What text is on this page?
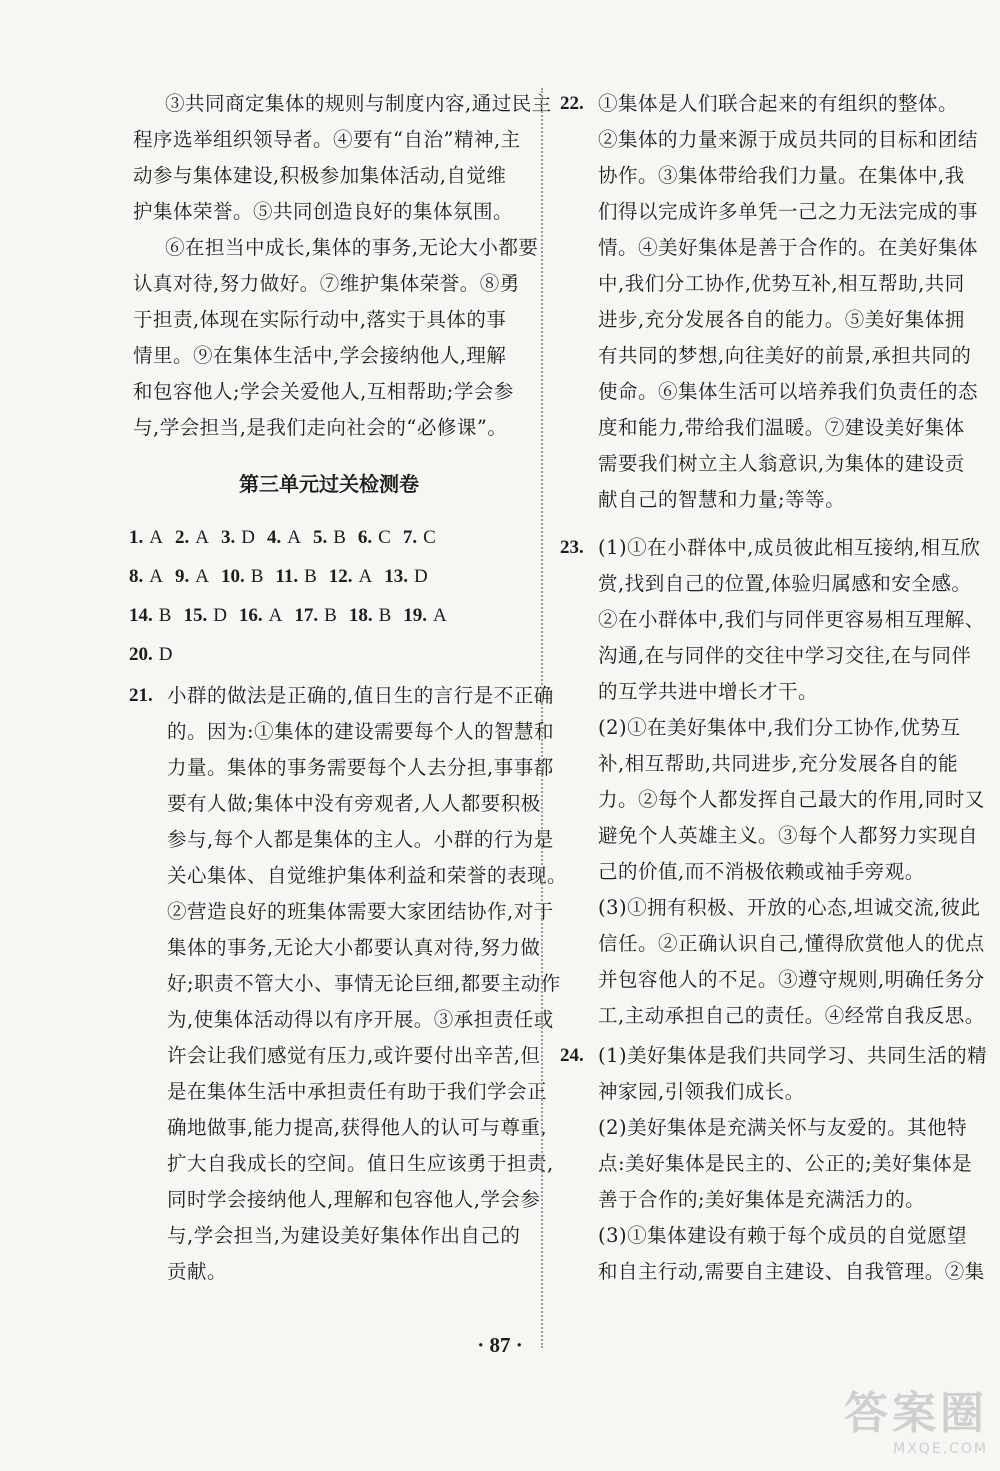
③共同商定集体的规则与制度内容,通过民主
程序选举组织领导者。④要有“自治”精神,主
动参与集体建设,积极参加集体活动,自觉维
护集体荣誉。⑤共同创造良好的集体氛围。
⑥在担当中成长,集体的事务,无论大小都要
认真对待,努力做好。⑦维护集体荣誉。⑧勇
于担责,体现在实际行动中,落实于具体的事
情里。⑨在集体生活中,学会接纳他人,理解
和包容他人;学会关爱他人,互相帮助;学会参
与,学会担当,是我们走向社会的“必修课”。
第三单元过关检测卷
1. A 2. A 3. D 4. A 5. B 6. C 7. C
8. A 9. A 10. B 11. B 12. A 13. D
14. B 15. D 16. A 17. B 18. B 19. A
20. D
21. 小群的做法是正确的,值日生的言行是不正确
的。因为:①集体的建设需要每个人的智慧和
力量。集体的事务需要每个人去分担,事事都
要有人做;集体中没有旁观者,人人都要积极
参与,每个人都是集体的主人。小群的行为是
关心集体、自觉维护集体利益和荣誉的表现。
②营造良好的班集体需要大家团结协作,对于
集体的事务,无论大小都要认真对待,努力做
好;职责不管大小、事情无论巨细,都要主动作
为,使集体活动得以有序开展。③承担责任或
许会让我们感觉有压力,或许要付出辛苦,但
是在集体生活中承担责任有助于我们学会正
确地做事,能力提高,获得他人的认可与尊重,
扩大自我成长的空间。值日生应该勇于担责,
同时学会接纳他人,理解和包容他人,学会参
与,学会担当,为建设美好集体作出自己的
贡献。
22. ①集体是人们联合起来的有组织的整体。
②集体的力量来源于成员共同的目标和团结
协作。③集体带给我们力量。在集体中,我
们得以完成许多单凭一己之力无法完成的事
情。④美好集体是善于合作的。在美好集体
中,我们分工协作,优势互补,相互帮助,共同
进步,充分发展各自的能力。⑤美好集体拥
有共同的梦想,向往美好的前景,承担共同的
使命。⑥集体生活可以培养我们负责任的态
度和能力,带给我们温暖。⑦建设美好集体
需要我们树立主人翁意识,为集体的建设贡
献自己的智慧和力量;等等。
23. (1)①在小群体中,成员彼此相互接纳,相互欣
赏,找到自己的位置,体验归属感和安全感。
②在小群体中,我们与同伴更容易相互理解、
沟通,在与同伴的交往中学习交往,在与同伴
的互学共进中增长才干。
(2)①在美好集体中,我们分工协作,优势互
补,相互帮助,共同进步,充分发展各自的能
力。②每个人都发挥自己最大的作用,同时又
避免个人英雄主义。③每个人都努力实现自
己的价值,而不消极依赖或袖手旁观。
(3)①拥有积极、开放的心态,坦诚交流,彼此
信任。②正确认识自己,懂得欣赏他人的优点
并包容他人的不足。③遵守规则,明确任务分
工,主动承担自己的责任。④经常自我反思。
24. (1)美好集体是我们共同学习、共同生活的精
神家园,引领我们成长。
(2)美好集体是充满关怀与友爱的。其他特
点:美好集体是民主的、公正的;美好集体是
善于合作的;美好集体是充满活力的。
(3)①集体建设有赖于每个成员的自觉愿望
和自主行动,需要自主建设、自我管理。②集
· 87 ·
答案圈
MXQE.COM
